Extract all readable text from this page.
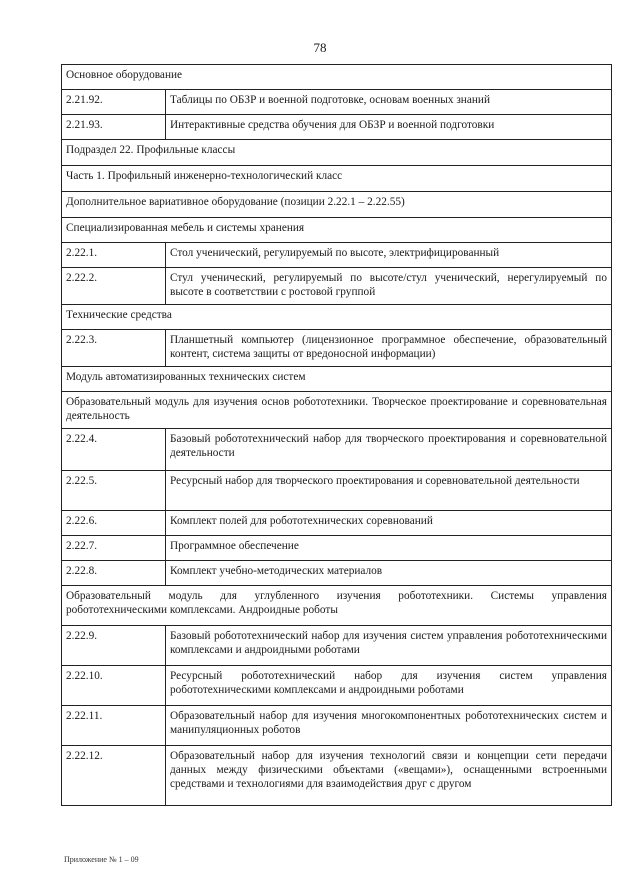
78
Основное оборудование	
2.21.92.	Таблицы по ОБЗР и военной подготовке, основам военных знаний
2.21.93.	Интерактивные средства обучения для ОБЗР и военной подготовки
Подраздел 22. Профильные классы	
Часть 1. Профильный инженерно-технологический класс	
Дополнительное вариативное оборудование (позиции 2.22.1 – 2.22.55)	
Специализированная мебель и системы хранения	
2.22.1.	Стол ученический, регулируемый по высоте, электрифицированный
2.22.2.	Стул ученический, регулируемый по высоте/стул ученический, нерегулируемый по высоте в соответствии с ростовой группой
Технические средства	
2.22.3.	Планшетный компьютер (лицензионное программное обеспечение, образовательный контент, система защиты от вредоносной информации)
Модуль автоматизированных технических систем	
Образовательный модуль для изучения основ робототехники. Творческое проектирование и соревновательная деятельность	
2.22.4.	Базовый робототехнический набор для творческого проектирования и соревновательной деятельности
2.22.5.	Ресурсный набор для творческого проектирования и соревновательной деятельности
2.22.6.	Комплект полей для робототехнических соревнований
2.22.7.	Программное обеспечение
2.22.8.	Комплект учебно-методических материалов
Образовательный модуль для углубленного изучения робототехники. Системы управления робототехническими комплексами. Андроидные роботы	
2.22.9.	Базовый робототехнический набор для изучения систем управления робототехническими комплексами и андроидными роботами
2.22.10.	Ресурсный робототехнический набор для изучения систем управления робототехническими комплексами и андроидными роботами
2.22.11.	Образовательный набор для изучения многокомпонентных робототехнических систем и манипуляционных роботов
2.22.12.	Образовательный набор для изучения технологий связи и концепции сети передачи данных между физическими объектами («вещами»), оснащенными встроенными средствами и технологиями для взаимодействия друг с другом
Приложение № 1 – 09
